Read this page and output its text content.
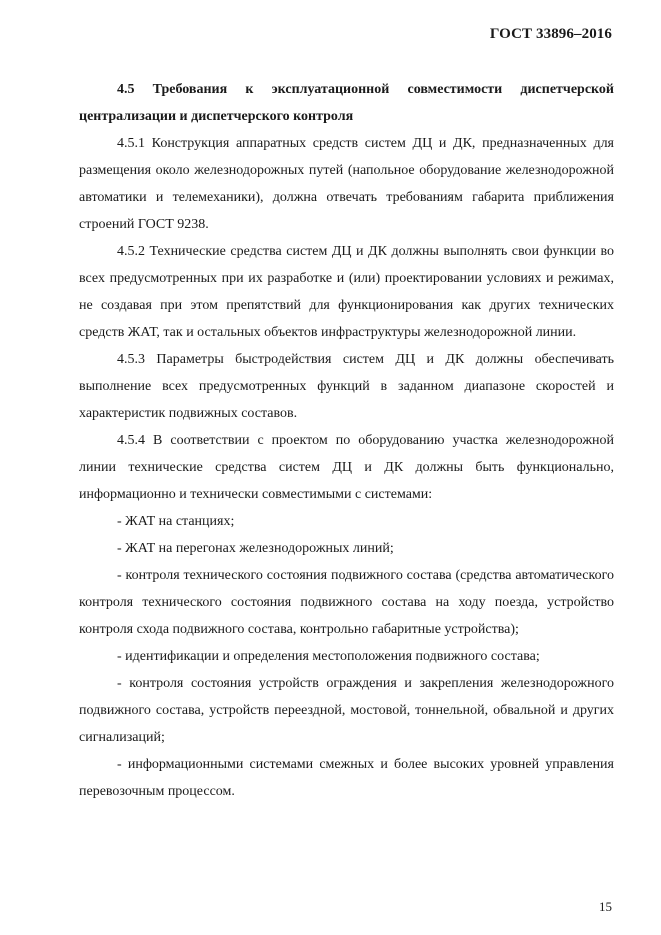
ГОСТ 33896–2016

4.5 Требования к эксплуатационной совместимости диспетчерской централизации и диспетчерского контроля

4.5.1 Конструкция аппаратных средств систем ДЦ и ДК, предназначенных для размещения около железнодорожных путей (напольное оборудование железнодорожной автоматики и телемеханики), должна отвечать требованиям габарита приближения строений ГОСТ 9238.

4.5.2 Технические средства систем ДЦ и ДК должны выполнять свои функции во всех предусмотренных при их разработке и (или) проектировании условиях и режимах, не создавая при этом препятствий для функционирования как других технических средств ЖАТ, так и остальных объектов инфраструктуры железнодорожной линии.

4.5.3 Параметры быстродействия систем ДЦ и ДК должны обеспечивать выполнение всех предусмотренных функций в заданном диапазоне скоростей и характеристик подвижных составов.

4.5.4 В соответствии с проектом по оборудованию участка железнодорожной линии технические средства систем ДЦ и ДК должны быть функционально, информационно и технически совместимыми с системами:

- ЖАТ на станциях;

- ЖАТ на перегонах железнодорожных линий;

- контроля технического состояния подвижного состава (средства автоматического контроля технического состояния подвижного состава на ходу поезда, устройство контроля схода подвижного состава, контрольно габаритные устройства);

- идентификации и определения местоположения подвижного состава;

- контроля состояния устройств ограждения и закрепления железнодорожного подвижного состава, устройств переездной, мостовой, тоннельной, обвальной и других сигнализаций;

- информационными системами смежных и более высоких уровней управления перевозочным процессом.

15
